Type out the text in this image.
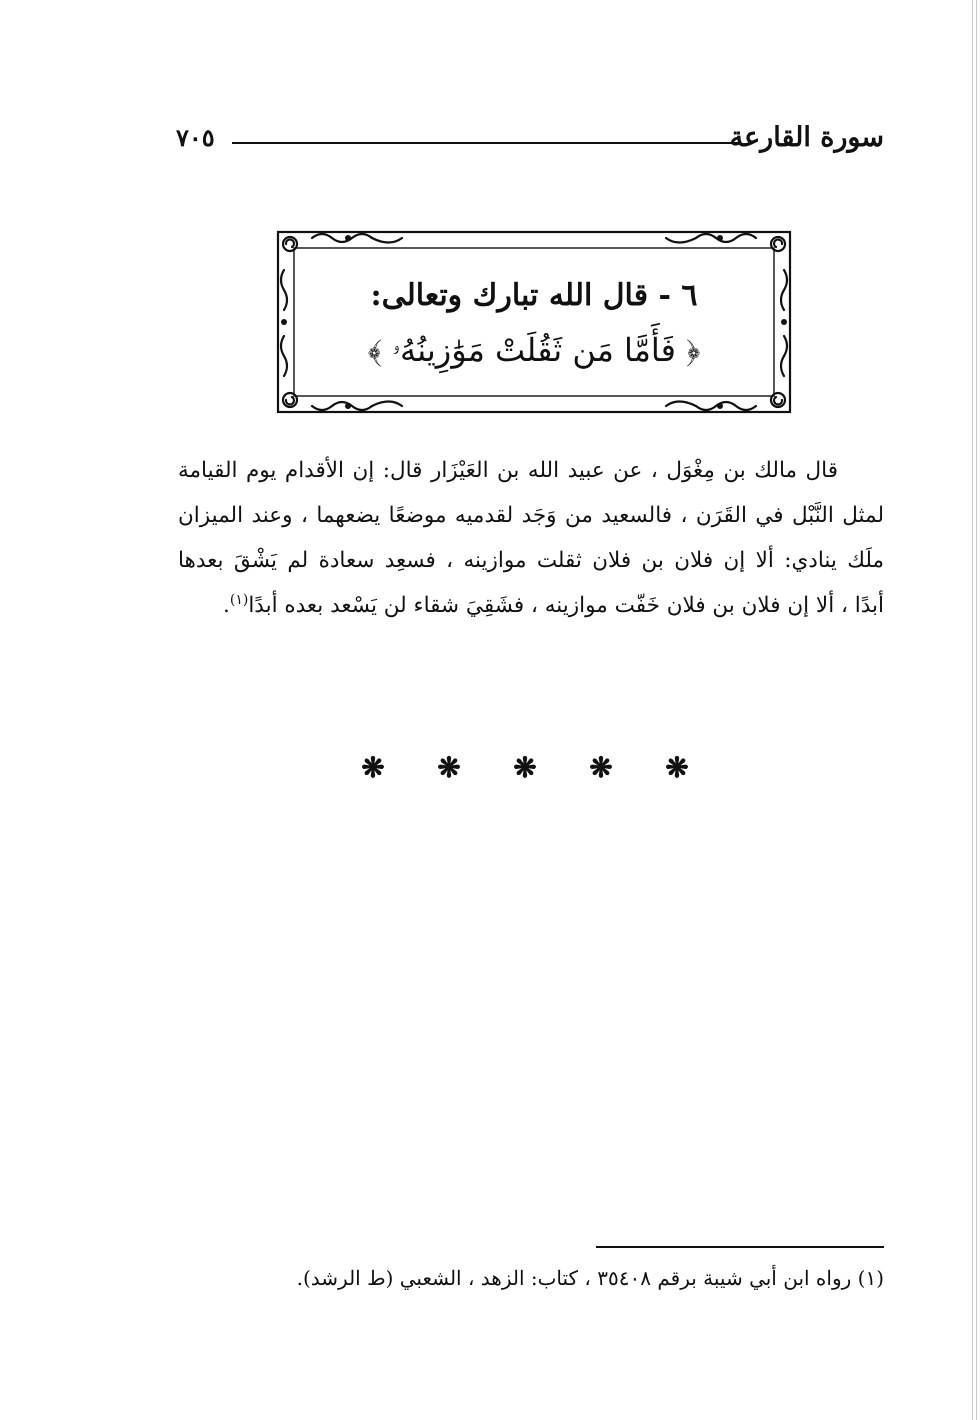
سورة القارعة
٧٠٥
٦ - قال الله تبارك وتعالى:
﴿ فَأَمَّا مَن ثَقُلَتْ مَوَٰزِينُهُۥ ﴾
قال مالك بن مِغْوَل ، عن عبيد الله بن العَيْزَار قال: إن الأقدام يوم القيامة
لمثل النَّبْل في القَرَن ، فالسعيد من وَجَد لقدميه موضعًا يضعهما ، وعند الميزان
ملَك ينادي: ألا إن فلان بن فلان ثقلت موازينه ، فسعِد سعادة لم يَشْقَ بعدها
أبدًا ، ألا إن فلان بن فلان خَفّت موازينه ، فشَقِيَ شقاء لن يَسْعد بعده أبدًا$^{(١)}$.
❋
❋
❋
❋
❋
(١) رواه ابن أبي شيبة برقم ٣٥٤٠٨ ، كتاب: الزهد ، الشعبي (ط الرشد).
